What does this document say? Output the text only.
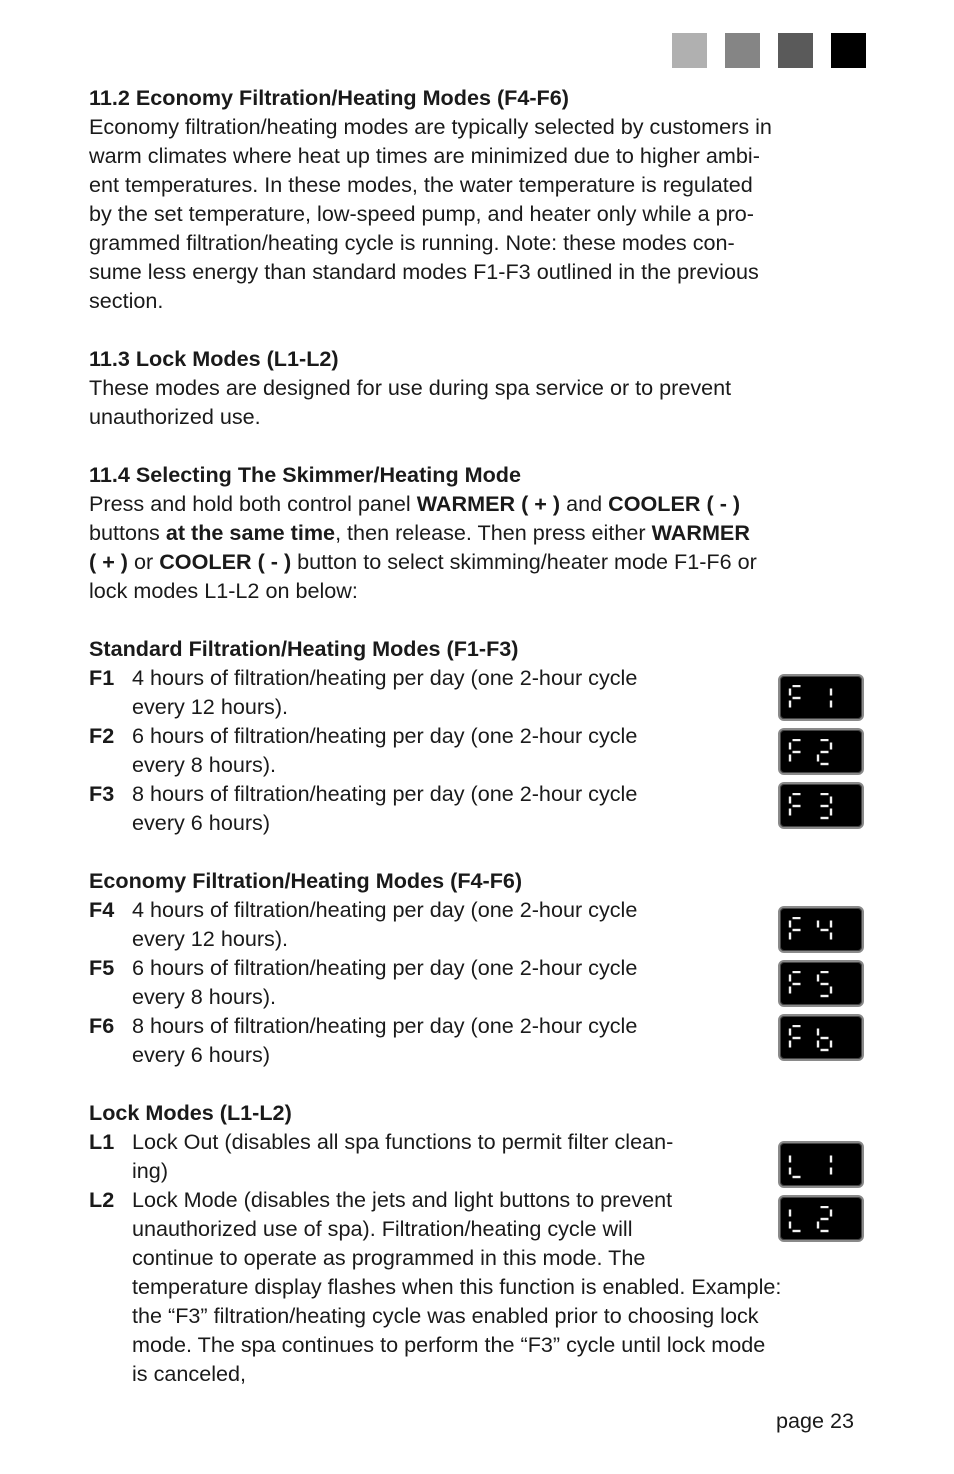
11.2 Economy Filtration/Heating Modes (F4-F6)

Economy filtration/heating modes are typically selected by customers in

warm climates where heat up times are minimized due to higher ambi-

ent temperatures. In these modes, the water temperature is regulated

by the set temperature, low-speed pump, and heater only while a pro-

grammed filtration/heating cycle is running. Note: these modes con-

sume less energy than standard modes F1-F3 outlined in the previous

section.

11.3 Lock Modes (L1-L2)

These modes are designed for use during spa service or to prevent

unauthorized use.

11.4 Selecting The Skimmer/Heating Mode

Press and hold both control panel WARMER ( + ) and COOLER ( - )

buttons at the same time, then release. Then press either WARMER

( + ) or COOLER ( - ) button to select skimming/heater mode F1-F6 or

lock modes L1-L2 on below:

Standard Filtration/Heating Modes (F1-F3)

F1 4 hours of filtration/heating per day (one 2-hour cycle
every 12 hours).
F2 6 hours of filtration/heating per day (one 2-hour cycle
every 8 hours).
F3 8 hours of filtration/heating per day (one 2-hour cycle
every 6 hours)

Economy Filtration/Heating Modes (F4-F6)

F4 4 hours of filtration/heating per day (one 2-hour cycle
every 12 hours).
F5 6 hours of filtration/heating per day (one 2-hour cycle
every 8 hours).
F6 8 hours of filtration/heating per day (one 2-hour cycle
every 6 hours)

Lock Modes (L1-L2)

L1 Lock Out (disables all spa functions to permit filter clean-
ing)
L2 Lock Mode (disables the jets and light buttons to prevent
unauthorized use of spa). Filtration/heating cycle will
continue to operate as programmed in this mode. The
temperature display flashes when this function is enabled. Example:
the “F3” filtration/heating cycle was enabled prior to choosing lock
mode. The spa continues to perform the “F3” cycle until lock mode
is canceled,
page 23
